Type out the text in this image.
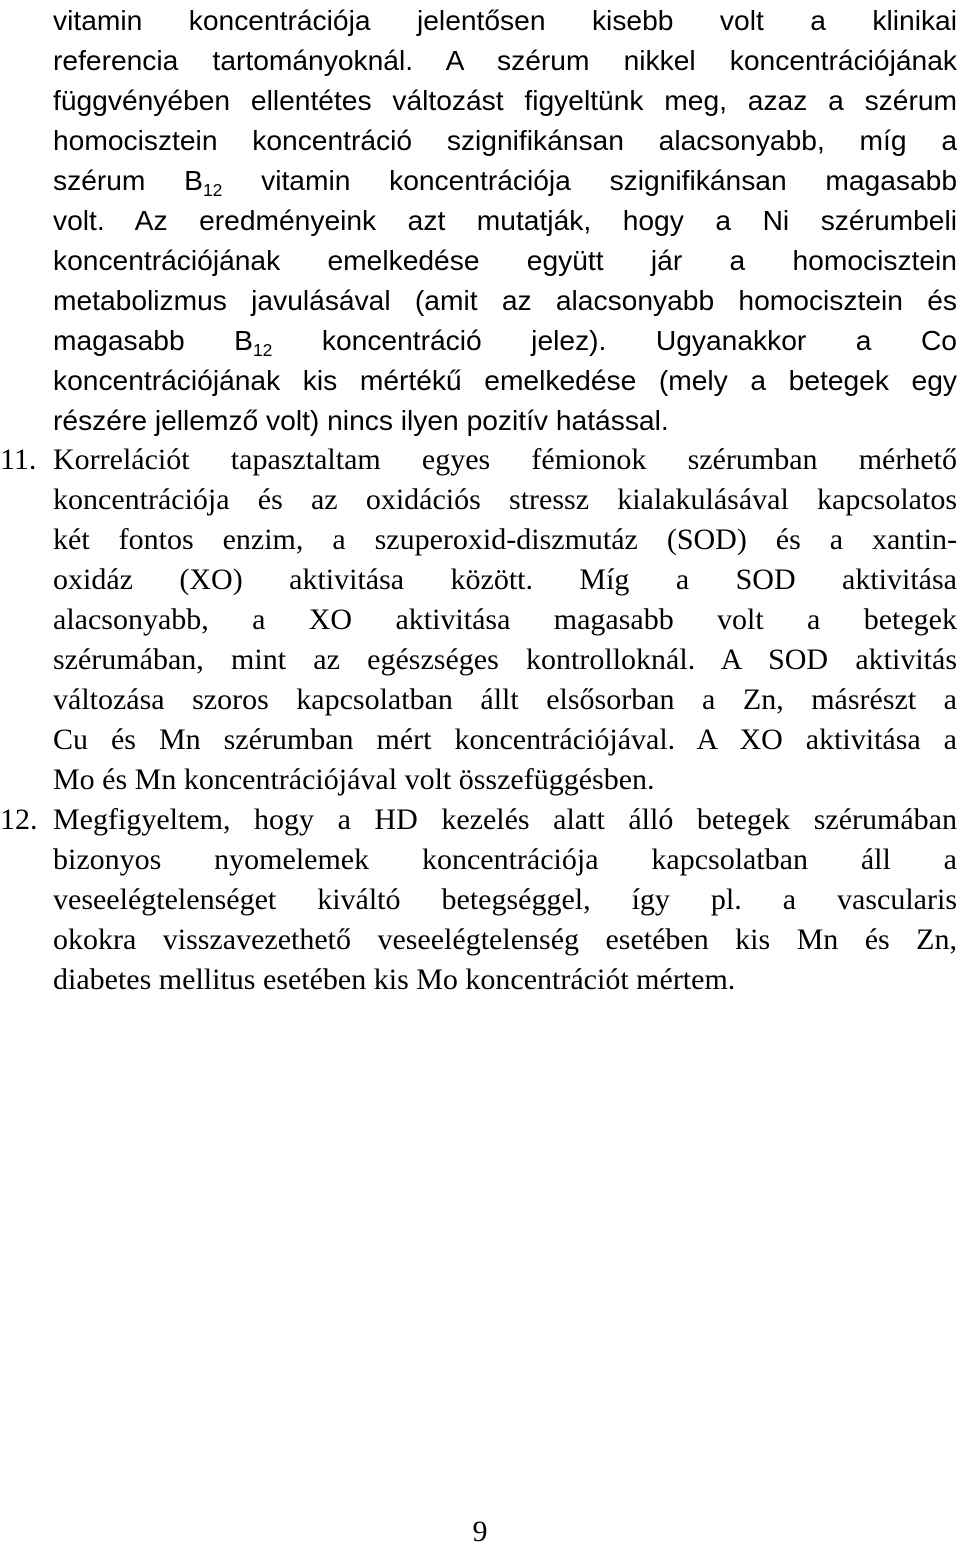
vitamin koncentrációja jelentősen kisebb volt a klinikai
referencia tartományoknál. A szérum nikkel koncentrációjának
függvényében ellentétes változást figyeltünk meg, azaz a szérum
homocisztein koncentráció szignifikánsan alacsonyabb, míg a
szérum B12 vitamin koncentrációja szignifikánsan magasabb
volt. Az eredményeink azt mutatják, hogy a Ni szérumbeli
koncentrációjának emelkedése együtt jár a homocisztein
metabolizmus javulásával (amit az alacsonyabb homocisztein és
magasabb B12 koncentráció jelez). Ugyanakkor a Co
koncentrációjának kis mértékű emelkedése (mely a betegek egy
részére jellemző volt) nincs ilyen pozitív hatással.
11. Korrelációt tapasztaltam egyes fémionok szérumban mérhető
koncentrációja és az oxidációs stressz kialakulásával kapcsolatos
két fontos enzim, a szuperoxid-diszmutáz (SOD) és a xantin-
oxidáz (XO) aktivitása között. Míg a SOD aktivitása
alacsonyabb, a XO aktivitása magasabb volt a betegek
szérumában, mint az egészséges kontrolloknál. A SOD aktivitás
változása szoros kapcsolatban állt elsősorban a Zn, másrészt a
Cu és Mn szérumban mért koncentrációjával. A XO aktivitása a
Mo és Mn koncentrációjával volt összefüggésben.
12. Megfigyeltem, hogy a HD kezelés alatt álló betegek szérumában
bizonyos nyomelemek koncentrációja kapcsolatban áll a
veseelégtelenséget kiváltó betegséggel, így pl. a vascularis
okokra visszavezethető veseelégtelenség esetében kis Mn és Zn,
diabetes mellitus esetében kis Mo koncentrációt mértem.
9
